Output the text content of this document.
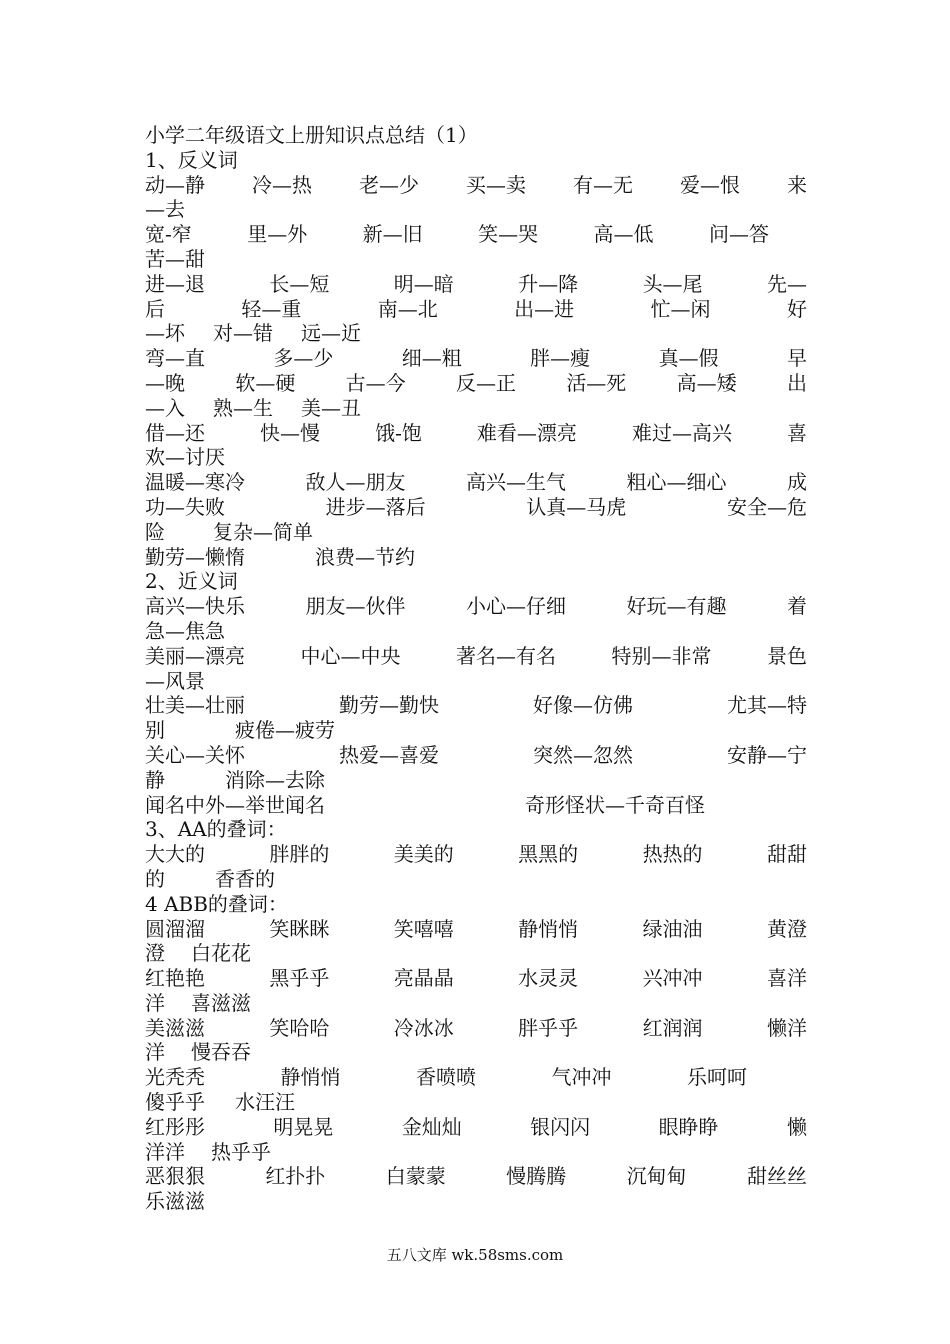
小学二年级语文上册知识点总结（1）
1、反义词
动—静 冷—热 老—少 买—卖 有—无 爱—恨 来
—去
宽-窄	里—外	新—旧	笑—哭	高—低	问—答
苦—甜
进—退	长—短	明—暗	升—降	头—尾	先—
后	轻—重	南—北	出—进	忙—闲	好
—坏 对—错 远—近
弯—直	多—少	细—粗	胖—瘦	真—假	早
—晚	软—硬	古—今	反—正	活—死	高—矮	出
—入 熟—生 美—丑
借—还	快—慢	饿-饱	难看—漂亮	难过—高兴	喜
欢—讨厌
温暖—寒冷	敌人—朋友	高兴—生气	粗心—细心	成
功—失败	进步—落后	认真—马虎	安全—危
险 复杂—简单
勤劳—懒惰	浪费—节约
2、近义词
高兴—快乐	朋友—伙伴	小心—仔细	好玩—有趣	着
急—焦急
美丽—漂亮	中心—中央	著名—有名	特别—非常	景色
—风景
壮美—壮丽	勤劳—勤快	好像—仿佛	尤其—特
别	疲倦—疲劳
关心—关怀	热爱—喜爱	突然—忽然	安静—宁
静	消除—去除
闻名中外—举世闻名	奇形怪状—千奇百怪
3、AA的叠词：
大大的	胖胖的	美美的	黑黑的	热热的	甜甜
的	香香的
4 ABB的叠词：
圆溜溜	笑眯眯	笑嘻嘻	静悄悄	绿油油	黄澄
澄 白花花
红艳艳	黑乎乎	亮晶晶	水灵灵	兴冲冲	喜洋
洋 喜滋滋
美滋滋	笑哈哈	冷冰冰	胖乎乎	红润润	懒洋
洋 慢吞吞
光秃秃	静悄悄	香喷喷	气冲冲	乐呵呵
傻乎乎 水汪汪
红彤彤	明晃晃	金灿灿	银闪闪	眼睁睁	懒
洋洋 热乎乎
恶狠狠	红扑扑	白蒙蒙	慢腾腾	沉甸甸	甜丝丝
乐滋滋
五八文库 wk.58sms.com
